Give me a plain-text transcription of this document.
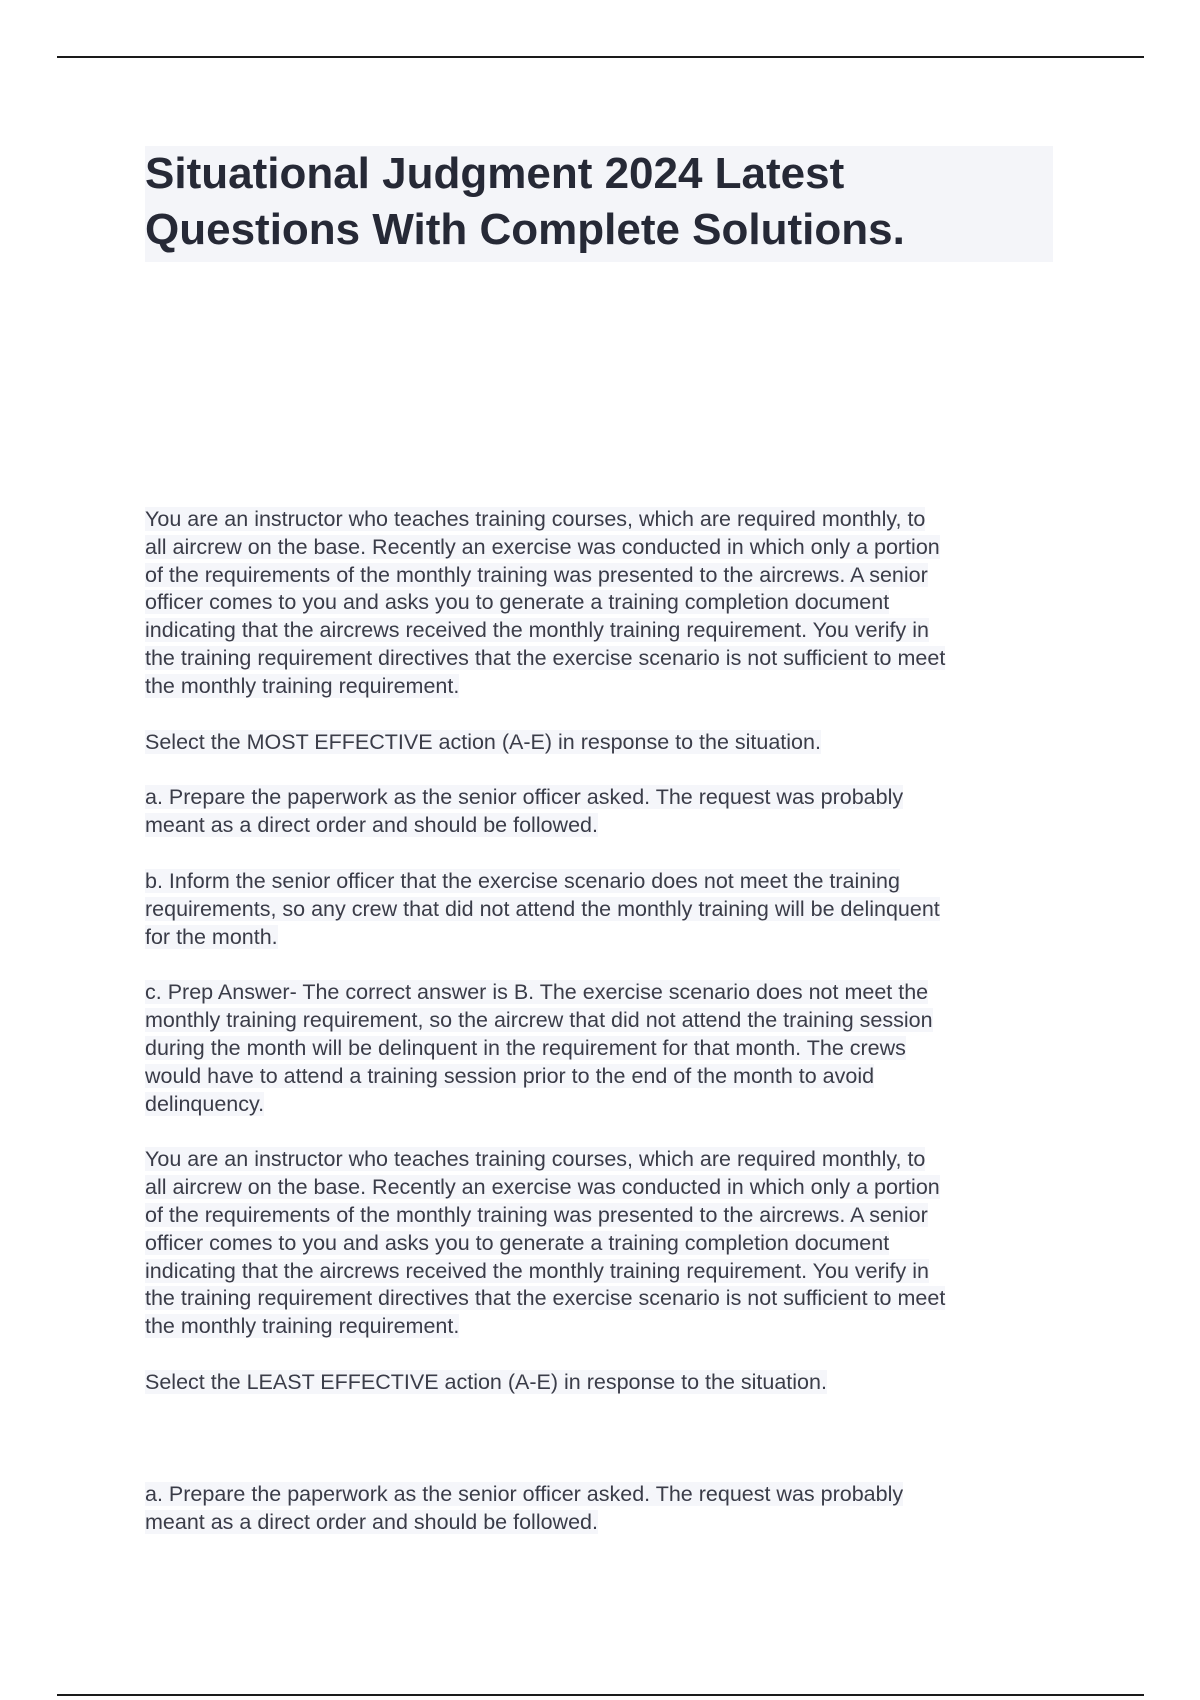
Situational Judgment 2024 Latest
Questions With Complete Solutions.

You are an instructor who teaches training courses, which are required monthly, to
all aircrew on the base. Recently an exercise was conducted in which only a portion
of the requirements of the monthly training was presented to the aircrews. A senior
officer comes to you and asks you to generate a training completion document
indicating that the aircrews received the monthly training requirement. You verify in
the training requirement directives that the exercise scenario is not sufficient to meet
the monthly training requirement.

Select the MOST EFFECTIVE action (A-E) in response to the situation.

a. Prepare the paperwork as the senior officer asked. The request was probably
meant as a direct order and should be followed.

b. Inform the senior officer that the exercise scenario does not meet the training
requirements, so any crew that did not attend the monthly training will be delinquent
for the month.

c. Prep Answer- The correct answer is B. The exercise scenario does not meet the
monthly training requirement, so the aircrew that did not attend the training session
during the month will be delinquent in the requirement for that month. The crews
would have to attend a training session prior to the end of the month to avoid
delinquency.

You are an instructor who teaches training courses, which are required monthly, to
all aircrew on the base. Recently an exercise was conducted in which only a portion
of the requirements of the monthly training was presented to the aircrews. A senior
officer comes to you and asks you to generate a training completion document
indicating that the aircrews received the monthly training requirement. You verify in
the training requirement directives that the exercise scenario is not sufficient to meet
the monthly training requirement.

Select the LEAST EFFECTIVE action (A-E) in response to the situation.

a. Prepare the paperwork as the senior officer asked. The request was probably
meant as a direct order and should be followed.
